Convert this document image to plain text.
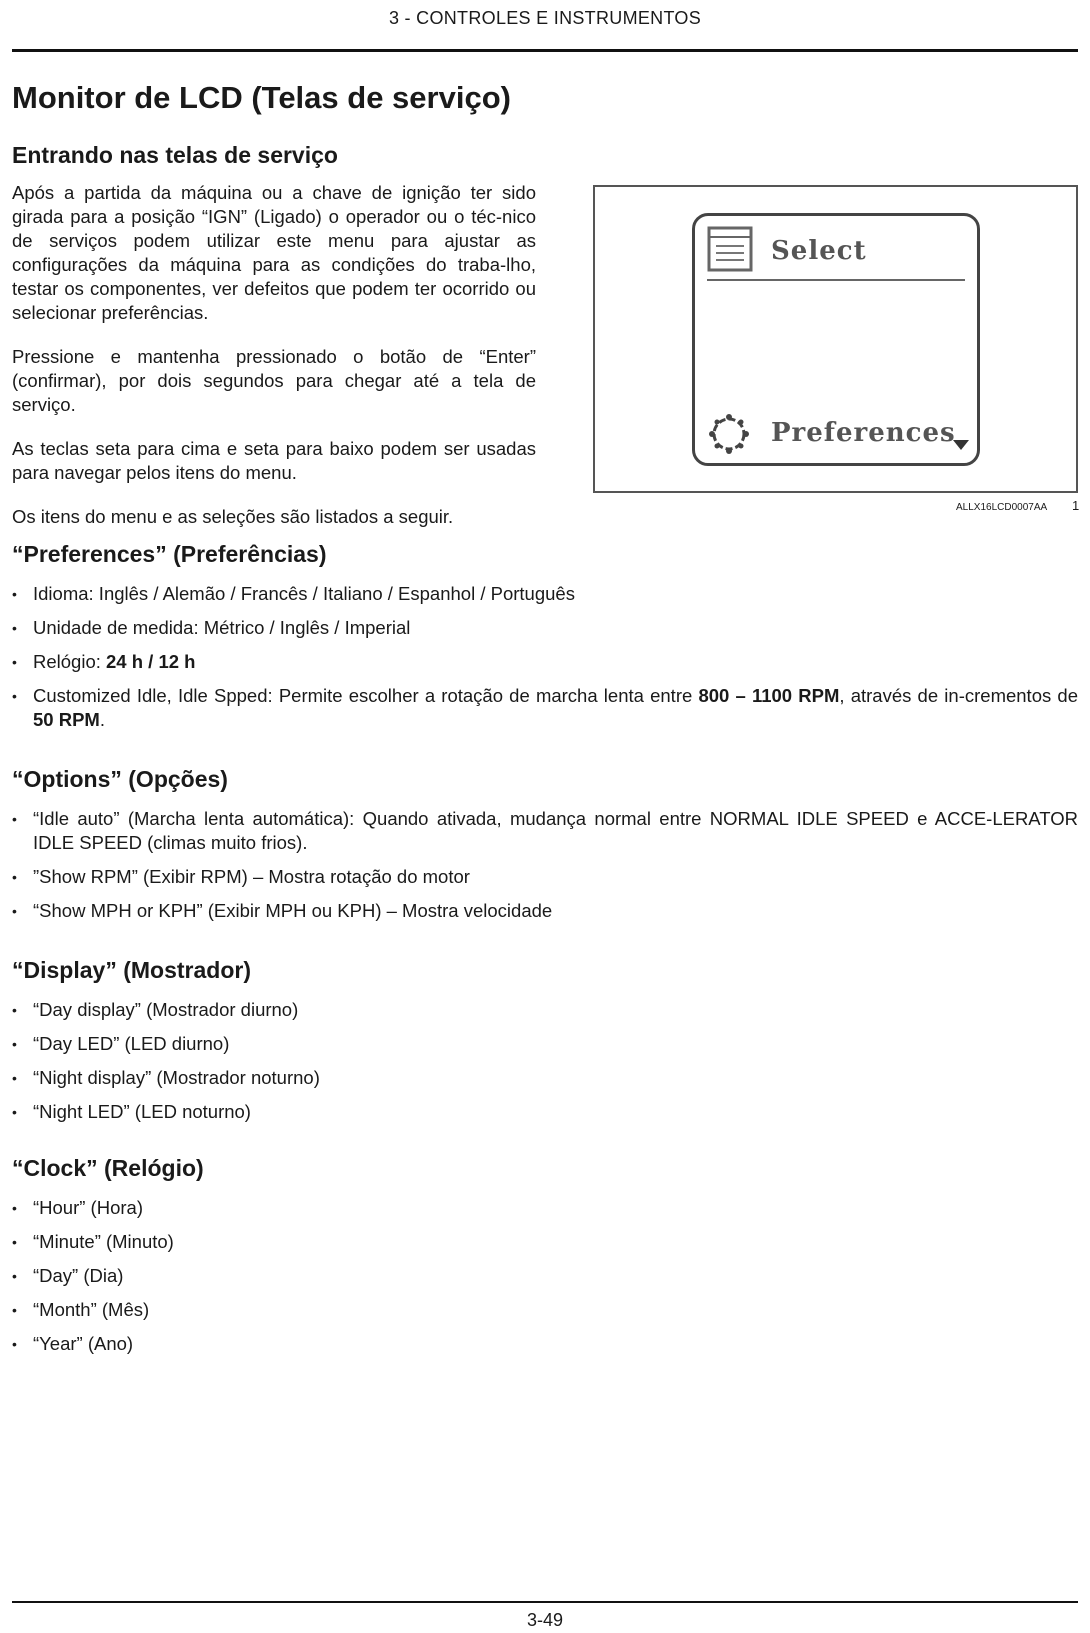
3 - CONTROLES E INSTRUMENTOS
Monitor de LCD (Telas de serviço)
Entrando nas telas de serviço

Após a partida da máquina ou a chave de ignição ter sido girada para a posição “IGN” (Ligado) o operador ou o téc-nico de serviços podem utilizar este menu para ajustar as configurações da máquina para as condições do traba-lho, testar os componentes, ver defeitos que podem ter ocorrido ou selecionar preferências.

Pressione e mantenha pressionado o botão de “Enter” (confirmar), por dois segundos para chegar até a tela de serviço.

As teclas seta para cima e seta para baixo podem ser usadas para navegar pelos itens do menu.

Os itens do menu e as seleções são listados a seguir.

Select
Preferences
ALLX16LCD0007AA 1
“Preferences” (Preferências)
• Idioma: Inglês / Alemão / Francês / Italiano / Espanhol / Português
• Unidade de medida: Métrico / Inglês / Imperial
• Relógio: 24 h / 12 h
• Customized Idle, Idle Spped: Permite escolher a rotação de marcha lenta entre 800 – 1100 RPM, através de in-crementos de 50 RPM.
“Options” (Opções)
• “Idle auto” (Marcha lenta automática): Quando ativada, mudança normal entre NORMAL IDLE SPEED e ACCE-LERATOR IDLE SPEED (climas muito frios).
• ”Show RPM” (Exibir RPM) – Mostra rotação do motor
• “Show MPH or KPH” (Exibir MPH ou KPH) – Mostra velocidade
“Display” (Mostrador)
• “Day display” (Mostrador diurno)
• “Day LED” (LED diurno)
• “Night display” (Mostrador noturno)
• “Night LED” (LED noturno)
“Clock” (Relógio)
• “Hour” (Hora)
• “Minute” (Minuto)
• “Day” (Dia)
• “Month” (Mês)
• “Year” (Ano)
3-49
